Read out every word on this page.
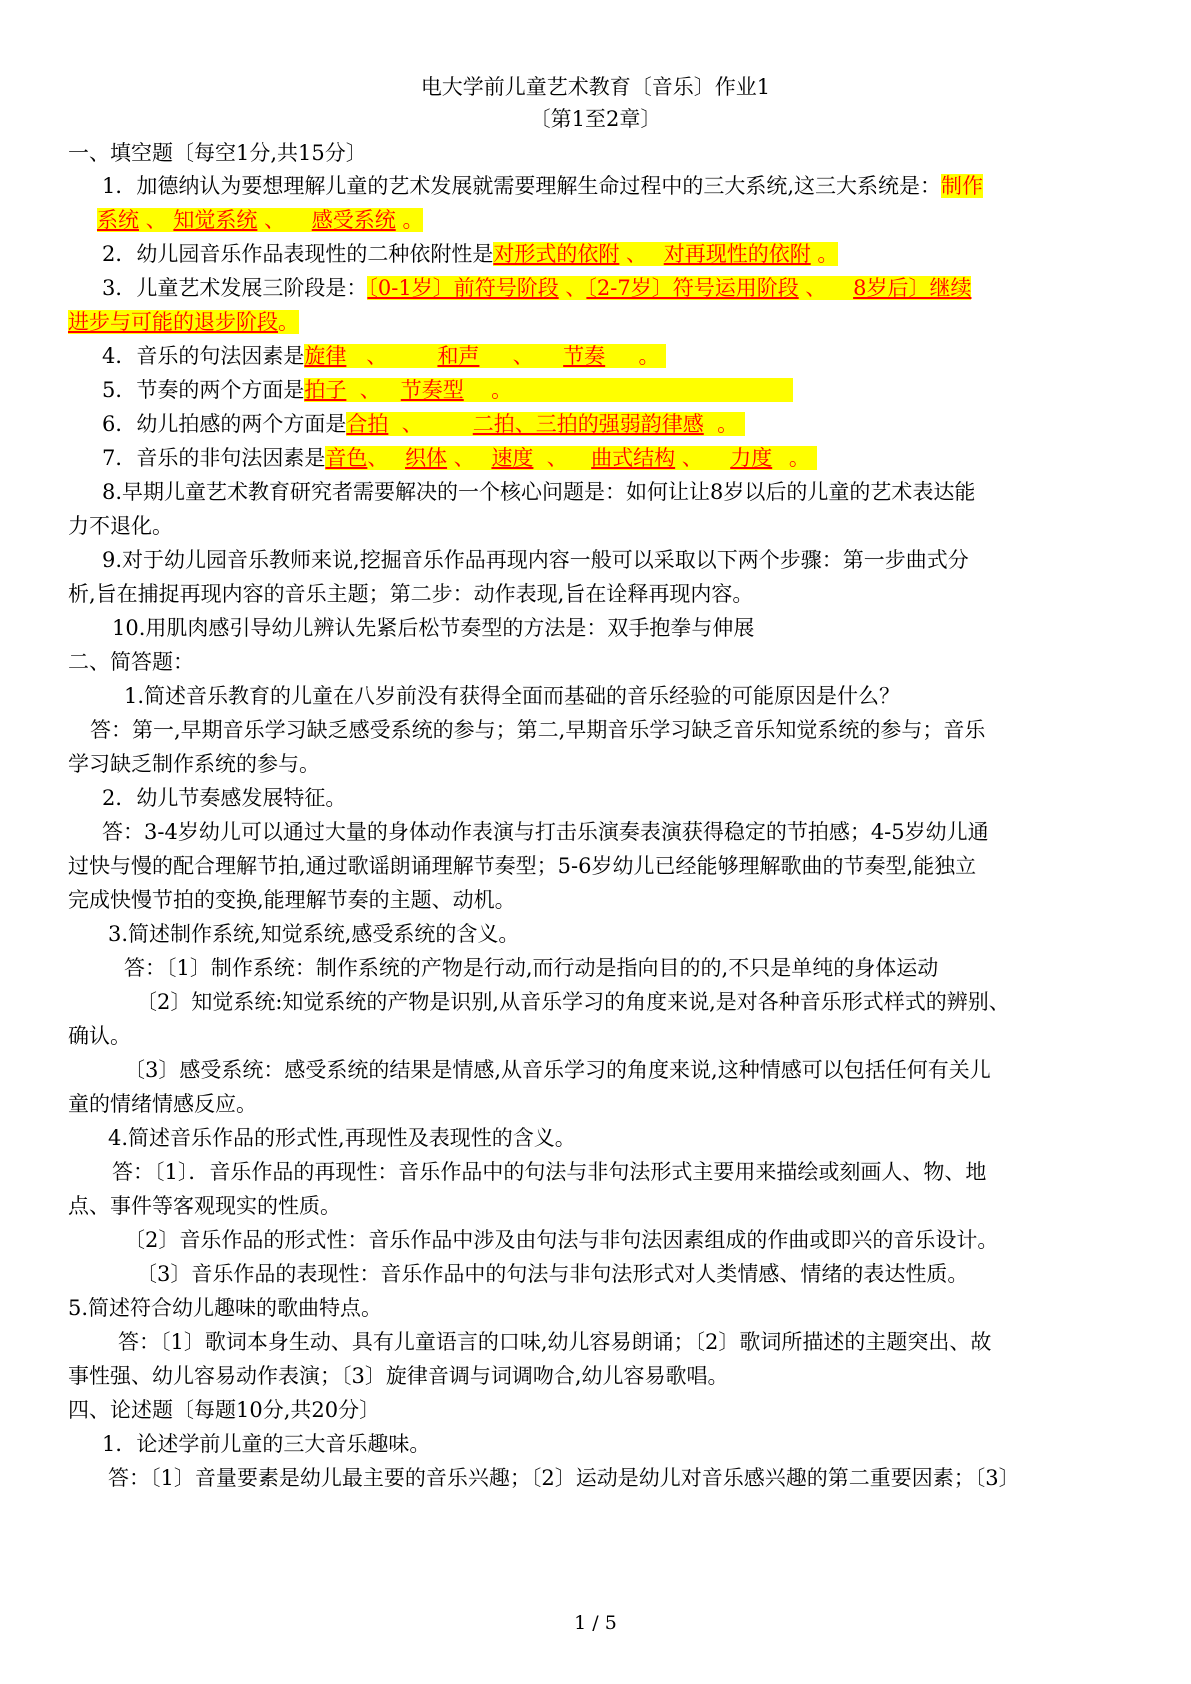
电大学前儿童艺术教育〔音乐〕作业1
〔第1至2章〕
一、填空题〔每空1分,共15分〕
1．加德纳认为要想理解儿童的艺术发展就需要理解生命过程中的三大系统,这三大系统是：制作
系统 、 知觉系统 、 感受系统 。
2．幼儿园音乐作品表现性的二种依附性是对形式的依附 、 对再现性的依附 。
3．儿童艺术发展三阶段是：〔0-1岁〕前符号阶段 、〔2-7岁〕符号运用阶段 、 8岁后〕继续
进步与可能的退步阶段。
4．音乐的句法因素是旋律 、 和声 、 节奏 。
5．节奏的两个方面是拍子 、 节奏型 。
6．幼儿拍感的两个方面是合拍 、 二拍、三拍的强弱韵律感 。
7．音乐的非句法因素是音色、 织体 、 速度 、 曲式结构 、 力度 。
8.早期儿童艺术教育研究者需要解决的一个核心问题是：如何让让8岁以后的儿童的艺术表达能
力不退化。
9.对于幼儿园音乐教师来说,挖掘音乐作品再现内容一般可以采取以下两个步骤：第一步曲式分
析,旨在捕捉再现内容的音乐主题；第二步：动作表现,旨在诠释再现内容。
10.用肌肉感引导幼儿辨认先紧后松节奏型的方法是：双手抱拳与伸展
二、简答题：
1.简述音乐教育的儿童在八岁前没有获得全面而基础的音乐经验的可能原因是什么？
答：第一,早期音乐学习缺乏感受系统的参与；第二,早期音乐学习缺乏音乐知觉系统的参与；音乐
学习缺乏制作系统的参与。
2．幼儿节奏感发展特征。
答：3-4岁幼儿可以通过大量的身体动作表演与打击乐演奏表演获得稳定的节拍感；4-5岁幼儿通
过快与慢的配合理解节拍,通过歌谣朗诵理解节奏型；5-6岁幼儿已经能够理解歌曲的节奏型,能独立
完成快慢节拍的变换,能理解节奏的主题、动机。
3.简述制作系统,知觉系统,感受系统的含义。
答：〔1〕制作系统：制作系统的产物是行动,而行动是指向目的的,不只是单纯的身体运动
〔2〕知觉系统:知觉系统的产物是识别,从音乐学习的角度来说,是对各种音乐形式样式的辨别、
确认。
〔3〕感受系统：感受系统的结果是情感,从音乐学习的角度来说,这种情感可以包括任何有关儿
童的情绪情感反应。
4.简述音乐作品的形式性,再现性及表现性的含义。
答：〔1〕．音乐作品的再现性：音乐作品中的句法与非句法形式主要用来描绘或刻画人、物、地
点、事件等客观现实的性质。
〔2〕音乐作品的形式性：音乐作品中涉及由句法与非句法因素组成的作曲或即兴的音乐设计。
〔3〕音乐作品的表现性：音乐作品中的句法与非句法形式对人类情感、情绪的表达性质。
5.简述符合幼儿趣味的歌曲特点。
答：〔1〕歌词本身生动、具有儿童语言的口味,幼儿容易朗诵；〔2〕歌词所描述的主题突出、故
事性强、幼儿容易动作表演；〔3〕旋律音调与词调吻合,幼儿容易歌唱。
四、论述题〔每题10分,共20分〕
1．论述学前儿童的三大音乐趣味。
答：〔1〕音量要素是幼儿最主要的音乐兴趣；〔2〕运动是幼儿对音乐感兴趣的第二重要因素；〔3〕
1 / 5
